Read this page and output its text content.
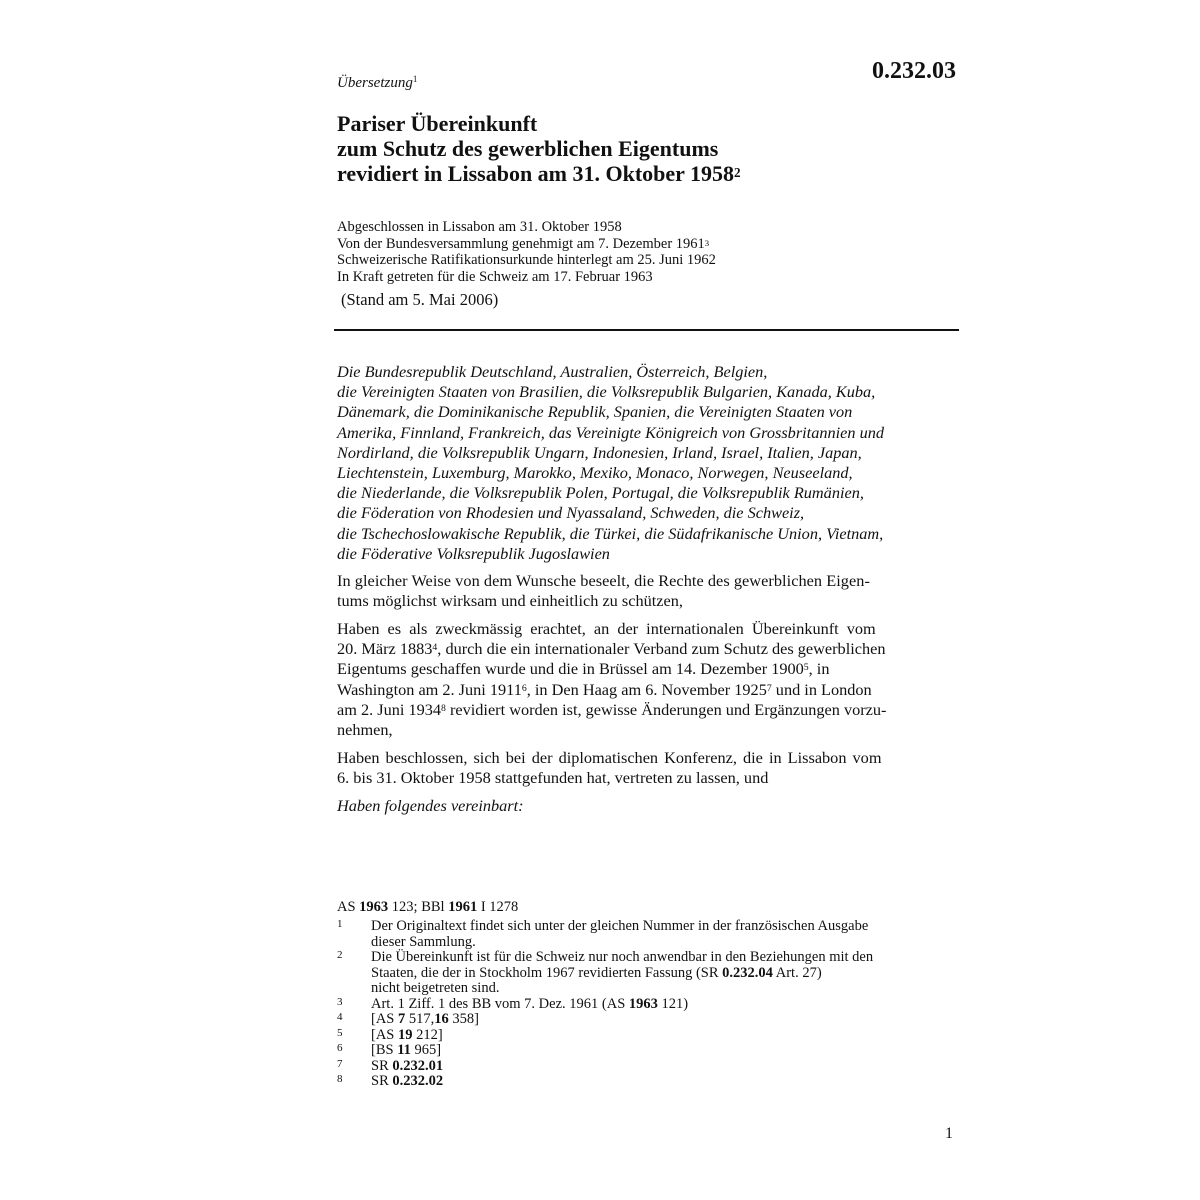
0.232.03
Übersetzung$^1$
Pariser Übereinkunft
zum Schutz des gewerblichen Eigentums
revidiert in Lissabon am 31. Oktober 1958$^2$
Abgeschlossen in Lissabon am 31. Oktober 1958
Von der Bundesversammlung genehmigt am 7. Dezember 1961$^3$
Schweizerische Ratifikationsurkunde hinterlegt am 25. Juni 1962
In Kraft getreten für die Schweiz am 17. Februar 1963
(Stand am 5. Mai 2006)
Die Bundesrepublik Deutschland, Australien, Österreich, Belgien,
die Vereinigten Staaten von Brasilien, die Volksrepublik Bulgarien, Kanada, Kuba,
Dänemark, die Dominikanische Republik, Spanien, die Vereinigten Staaten von
Amerika, Finnland, Frankreich, das Vereinigte Königreich von Grossbritannien und
Nordirland, die Volksrepublik Ungarn, Indonesien, Irland, Israel, Italien, Japan,
Liechtenstein, Luxemburg, Marokko, Mexiko, Monaco, Norwegen, Neuseeland,
die Niederlande, die Volksrepublik Polen, Portugal, die Volksrepublik Rumänien,
die Föderation von Rhodesien und Nyassaland, Schweden, die Schweiz,
die Tschechoslowakische Republik, die Türkei, die Südafrikanische Union, Vietnam,
die Föderative Volksrepublik Jugoslawien
In gleicher Weise von dem Wunsche beseelt, die Rechte des gewerblichen Eigen-
tums möglichst wirksam und einheitlich zu schützen,
Haben es als zweckmässig erachtet, an der internationalen Übereinkunft vom
20. März 1883$^4$, durch die ein internationaler Verband zum Schutz des gewerblichen
Eigentums geschaffen wurde und die in Brüssel am 14. Dezember 1900$^5$, in
Washington am 2. Juni 1911$^6$, in Den Haag am 6. November 1925$^7$ und in London
am 2. Juni 1934$^8$ revidiert worden ist, gewisse Änderungen und Ergänzungen vorzu-
nehmen,
Haben beschlossen, sich bei der diplomatischen Konferenz, die in Lissabon vom
6. bis 31. Oktober 1958 stattgefunden hat, vertreten zu lassen, und
Haben folgendes vereinbart:
AS 1963 123; BBl 1961 I 1278
1 Der Originaltext findet sich unter der gleichen Nummer in der französischen Ausgabe
dieser Sammlung.
2 Die Übereinkunft ist für die Schweiz nur noch anwendbar in den Beziehungen mit den
Staaten, die der in Stockholm 1967 revidierten Fassung (SR 0.232.04 Art. 27)
nicht beigetreten sind.
3 Art. 1 Ziff. 1 des BB vom 7. Dez. 1961 (AS 1963 121)
4 [AS 7 517,16 358]
5 [AS 19 212]
6 [BS 11 965]
7 SR 0.232.01
8 SR 0.232.02
1
